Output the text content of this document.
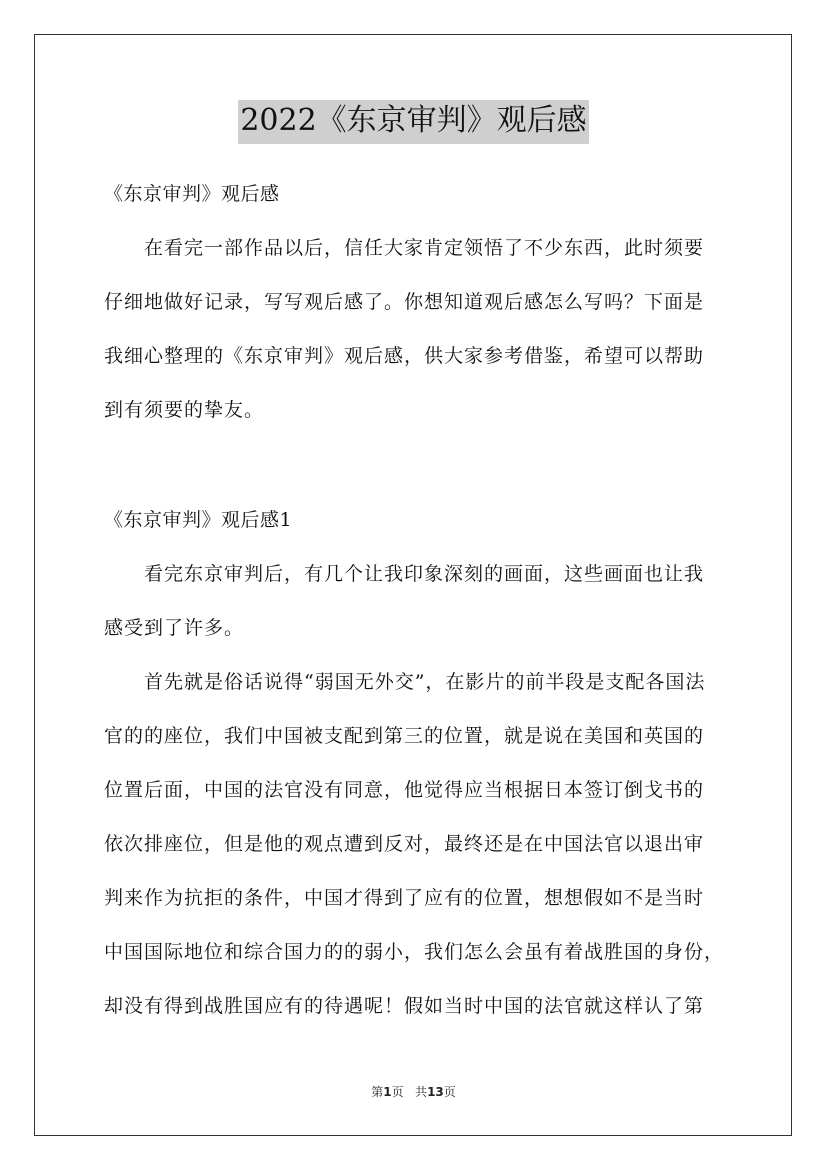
2022《东京审判》观后感
《东京审判》观后感
在看完一部作品以后，信任大家肯定领悟了不少东西，此时须要
仔细地做好记录，写写观后感了。你想知道观后感怎么写吗？下面是
我细心整理的《东京审判》观后感，供大家参考借鉴，希望可以帮助
到有须要的挚友。
《东京审判》观后感1
看完东京审判后，有几个让我印象深刻的画面，这些画面也让我
感受到了许多。
首先就是俗话说得“弱国无外交”，在影片的前半段是支配各国法
官的的座位，我们中国被支配到第三的位置，就是说在美国和英国的
位置后面，中国的法官没有同意，他觉得应当根据日本签订倒戈书的
依次排座位，但是他的观点遭到反对，最终还是在中国法官以退出审
判来作为抗拒的条件，中国才得到了应有的位置，想想假如不是当时
中国国际地位和综合国力的的弱小，我们怎么会虽有着战胜国的身份，
却没有得到战胜国应有的待遇呢！假如当时中国的法官就这样认了第
第1页 共13页
